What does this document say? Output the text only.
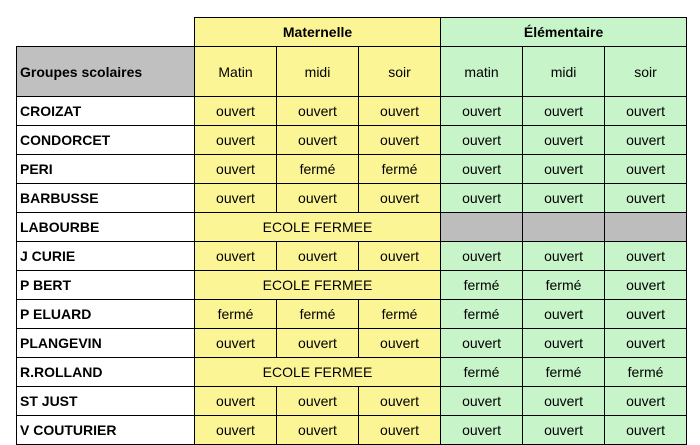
	Maternelle			Élémentaire		
Groupes scolaires	Matin	midi	soir	matin	midi	soir
CROIZAT	ouvert	ouvert	ouvert	ouvert	ouvert	ouvert
CONDORCET	ouvert	ouvert	ouvert	ouvert	ouvert	ouvert
PERI	ouvert	fermé	fermé	ouvert	ouvert	ouvert
BARBUSSE	ouvert	ouvert	ouvert	ouvert	ouvert	ouvert
LABOURBE	ECOLE FERMEE					
J CURIE	ouvert	ouvert	ouvert	ouvert	ouvert	ouvert
P BERT	ECOLE FERMEE			fermé	fermé	ouvert
P ELUARD	fermé	fermé	fermé	fermé	ouvert	ouvert
PLANGEVIN	ouvert	ouvert	ouvert	ouvert	ouvert	ouvert
R.ROLLAND	ECOLE FERMEE			fermé	fermé	fermé
ST JUST	ouvert	ouvert	ouvert	ouvert	ouvert	ouvert
V COUTURIER	ouvert	ouvert	ouvert	ouvert	ouvert	ouvert
